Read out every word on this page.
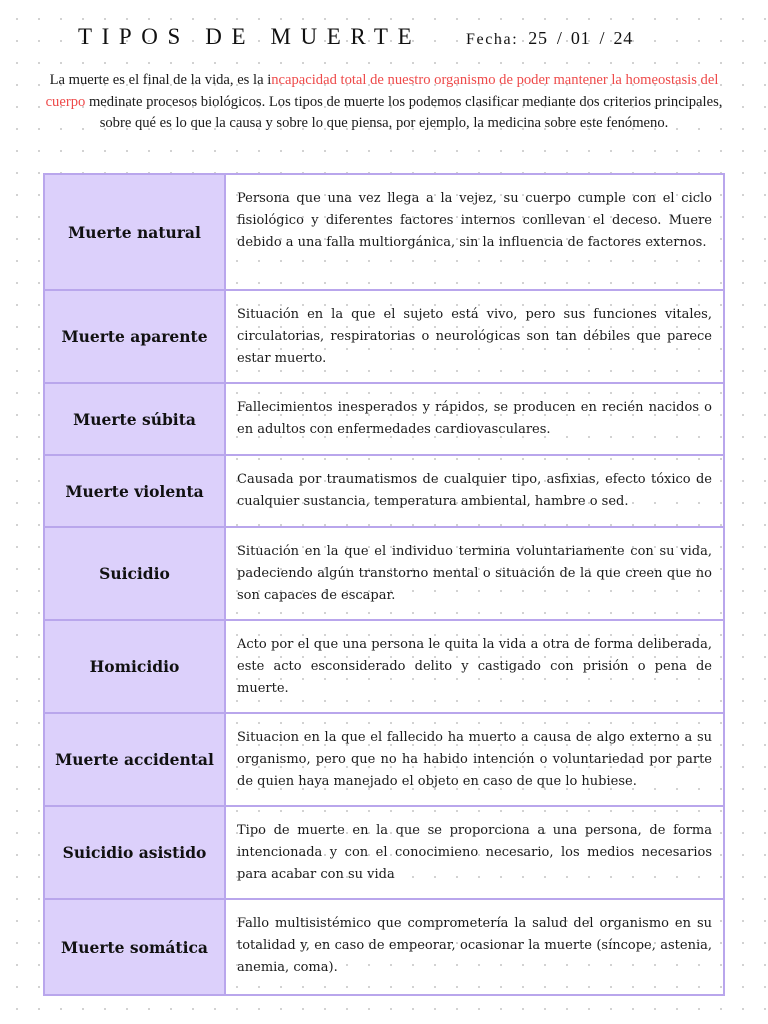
TIPOS DE MUERTE	Fecha: 25 / 01 / 24

La muerte es el final de la vida, es la incapacidad total de nuestro organismo de poder mantener la homeostasis del cuerpo medinate procesos biológicos. Los tipos de muerte los podemos clasificar mediante dos criterios principales, sobre qué es lo que la causa y sobre lo que piensa, por ejemplo, la medicina sobre este fenómeno.

Muerte natural
Persona que una vez llega a la vejez, su cuerpo cumple con el ciclo fisiológico y diferentes factores internos conllevan el deceso. Muere debido a una falla multiorgánica, sin la influencia de factores externos.
Muerte aparente
Situación en la que el sujeto está vivo, pero sus funciones vitales, circulatorias, respiratorias o neurológicas son tan débiles que parece estar muerto.
Muerte súbita
Fallecimientos inesperados y rápidos, se producen en recién nacidos o en adultos con enfermedades cardiovasculares.
Muerte violenta
Causada por traumatismos de cualquier tipo, asfixias, efecto tóxico de cualquier sustancia, temperatura ambiental, hambre o sed.
Suicidio
Situación en la que el individuo termina voluntariamente con su vida, padeciendo algún transtorno mental o situación de la que creen que no son capaces de escapar.
Homicidio
Acto por el que una persona le quita la vida a otra de forma deliberada, este acto esconsiderado delito y castigado con prisión o pena de muerte.
Muerte accidental
Situacion en la que el fallecido ha muerto a causa de algo externo a su organismo, pero que no ha habido intención o voluntariedad por parte de quien haya manejado el objeto en caso de que lo hubiese.
Suicidio asistido
Tipo de muerte en la que se proporciona a una persona, de forma intencionada y con el conocimieno necesario, los medios necesarios para acabar con su vida
Muerte somática
Fallo multisistémico que comprometería la salud del organismo en su totalidad y, en caso de empeorar, ocasionar la muerte (síncope, astenia, anemia, coma).
